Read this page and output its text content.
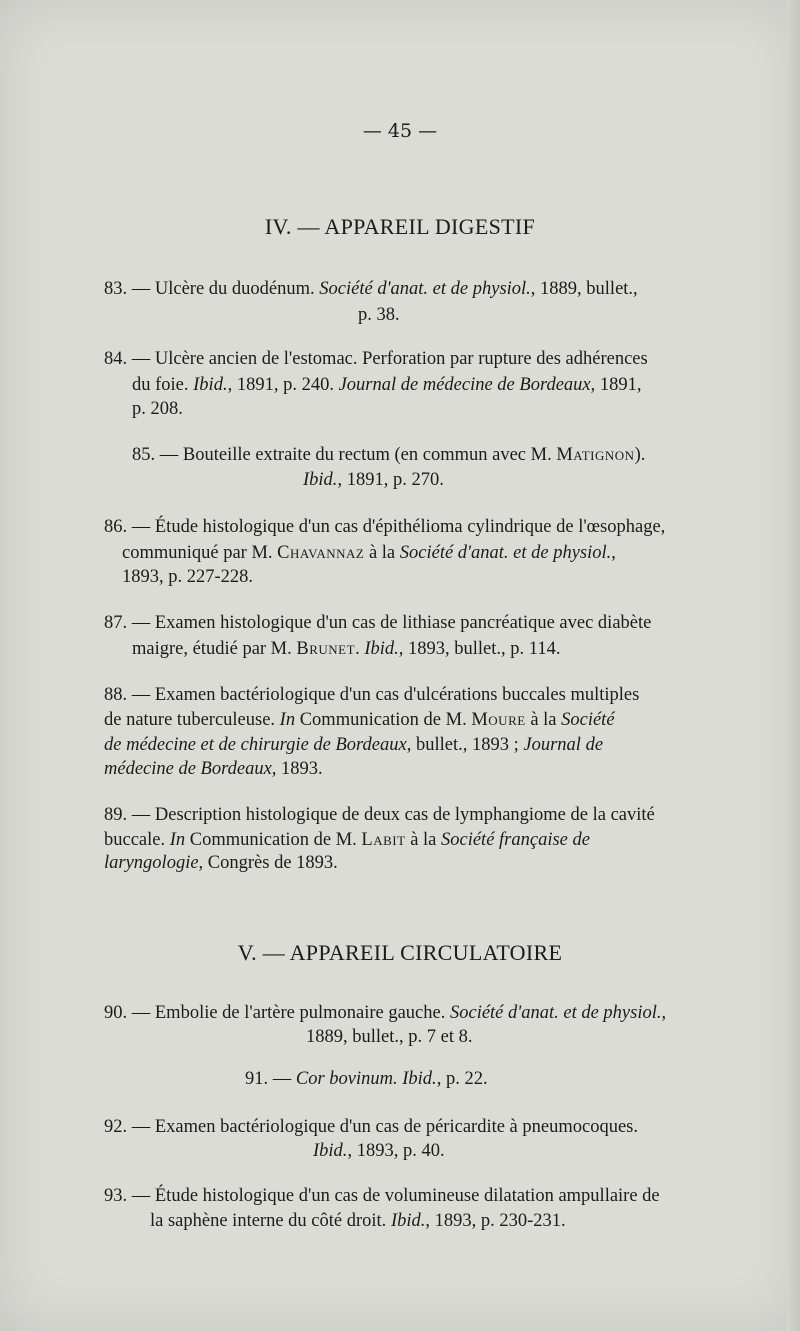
— 45 —
IV. — APPAREIL DIGESTIF
83. — Ulcère du duodénum. Société d'anat. et de physiol., 1889, bullet.,
p. 38.
84. — Ulcère ancien de l'estomac. Perforation par rupture des adhérences
du foie. Ibid., 1891, p. 240. Journal de médecine de Bordeaux, 1891,
p. 208.
85. — Bouteille extraite du rectum (en commun avec M. Matignon).
Ibid., 1891, p. 270.
86. — Étude histologique d'un cas d'épithélioma cylindrique de l'œsophage,
communiqué par M. Chavannaz à la Société d'anat. et de physiol.,
1893, p. 227-228.
87. — Examen histologique d'un cas de lithiase pancréatique avec diabète
maigre, étudié par M. Brunet. Ibid., 1893, bullet., p. 114.
88. — Examen bactériologique d'un cas d'ulcérations buccales multiples
de nature tuberculeuse. In Communication de M. Moure à la Société
de médecine et de chirurgie de Bordeaux, bullet., 1893 ; Journal de
médecine de Bordeaux, 1893.
89. — Description histologique de deux cas de lymphangiome de la cavité
buccale. In Communication de M. Labit à la Société française de
laryngologie, Congrès de 1893.
V. — APPAREIL CIRCULATOIRE
90. — Embolie de l'artère pulmonaire gauche. Société d'anat. et de physiol.,
1889, bullet., p. 7 et 8.
91. — Cor bovinum. Ibid., p. 22.
92. — Examen bactériologique d'un cas de péricardite à pneumocoques.
Ibid., 1893, p. 40.
93. — Étude histologique d'un cas de volumineuse dilatation ampullaire de
la saphène interne du côté droit. Ibid., 1893, p. 230-231.
